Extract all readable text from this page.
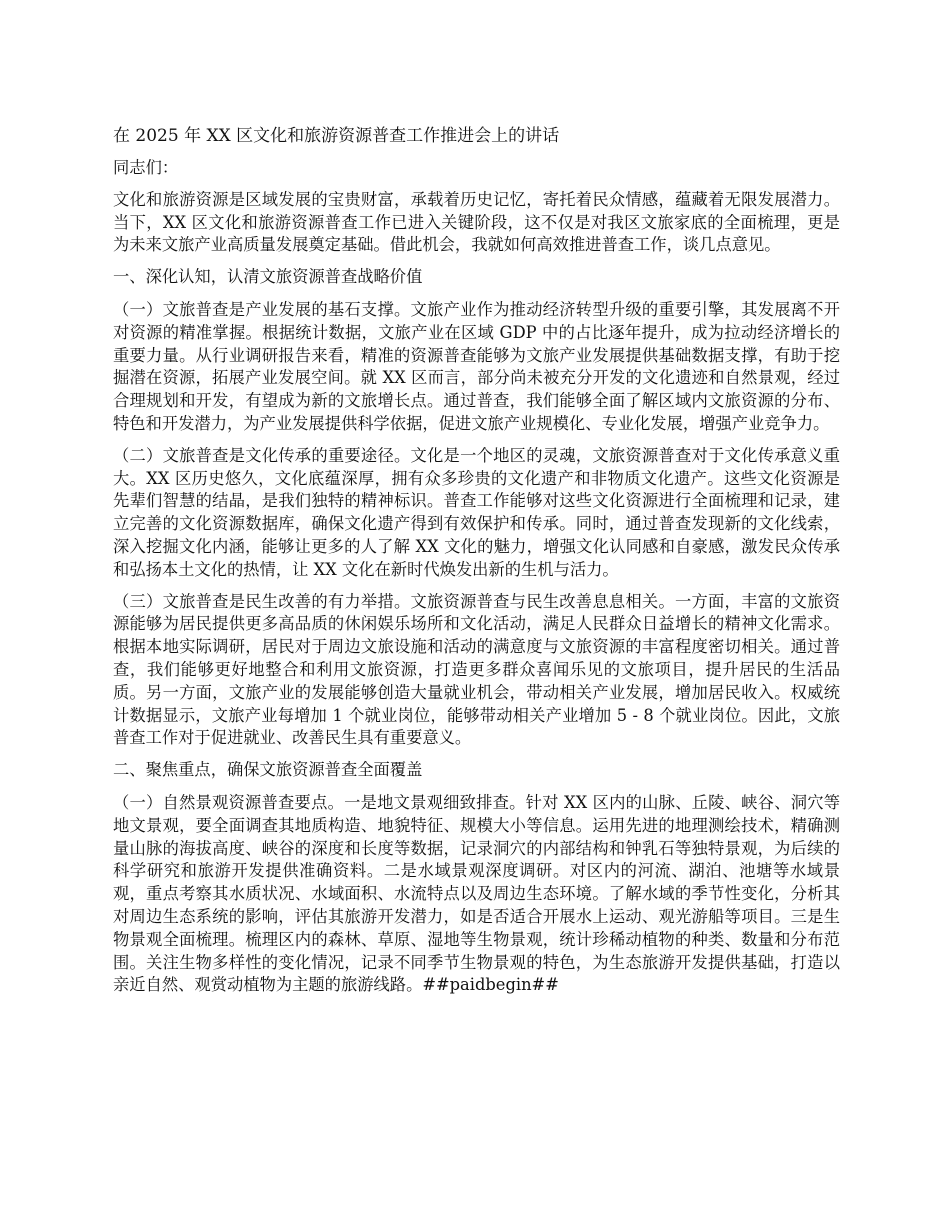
在 2025 年 XX 区文化和旅游资源普查工作推进会上的讲话
同志们：
文化和旅游资源是区域发展的宝贵财富，承载着历史记忆，寄托着民众情感，蕴藏着无限发展潜力。当下，XX 区文化和旅游资源普查工作已进入关键阶段，这不仅是对我区文旅家底的全面梳理，更是为未来文旅产业高质量发展奠定基础。借此机会，我就如何高效推进普查工作，谈几点意见。
一、深化认知，认清文旅资源普查战略价值
（一）文旅普查是产业发展的基石支撑。文旅产业作为推动经济转型升级的重要引擎，其发展离不开对资源的精准掌握。根据统计数据，文旅产业在区域 GDP 中的占比逐年提升，成为拉动经济增长的重要力量。从行业调研报告来看，精准的资源普查能够为文旅产业发展提供基础数据支撑，有助于挖掘潜在资源，拓展产业发展空间。就 XX 区而言，部分尚未被充分开发的文化遗迹和自然景观，经过合理规划和开发，有望成为新的文旅增长点。通过普查，我们能够全面了解区域内文旅资源的分布、特色和开发潜力，为产业发展提供科学依据，促进文旅产业规模化、专业化发展，增强产业竞争力。
（二）文旅普查是文化传承的重要途径。文化是一个地区的灵魂，文旅资源普查对于文化传承意义重大。XX 区历史悠久，文化底蕴深厚，拥有众多珍贵的文化遗产和非物质文化遗产。这些文化资源是先辈们智慧的结晶，是我们独特的精神标识。普查工作能够对这些文化资源进行全面梳理和记录，建立完善的文化资源数据库，确保文化遗产得到有效保护和传承。同时，通过普查发现新的文化线索，深入挖掘文化内涵，能够让更多的人了解 XX 文化的魅力，增强文化认同感和自豪感，激发民众传承和弘扬本土文化的热情，让 XX 文化在新时代焕发出新的生机与活力。
（三）文旅普查是民生改善的有力举措。文旅资源普查与民生改善息息相关。一方面，丰富的文旅资源能够为居民提供更多高品质的休闲娱乐场所和文化活动，满足人民群众日益增长的精神文化需求。根据本地实际调研，居民对于周边文旅设施和活动的满意度与文旅资源的丰富程度密切相关。通过普查，我们能够更好地整合和利用文旅资源，打造更多群众喜闻乐见的文旅项目，提升居民的生活品质。另一方面，文旅产业的发展能够创造大量就业机会，带动相关产业发展，增加居民收入。权威统计数据显示，文旅产业每增加 1 个就业岗位，能够带动相关产业增加 5 - 8 个就业岗位。因此，文旅普查工作对于促进就业、改善民生具有重要意义。
二、聚焦重点，确保文旅资源普查全面覆盖
（一）自然景观资源普查要点。一是地文景观细致排查。针对 XX 区内的山脉、丘陵、峡谷、洞穴等地文景观，要全面调查其地质构造、地貌特征、规模大小等信息。运用先进的地理测绘技术，精确测量山脉的海拔高度、峡谷的深度和长度等数据，记录洞穴的内部结构和钟乳石等独特景观，为后续的科学研究和旅游开发提供准确资料。二是水域景观深度调研。对区内的河流、湖泊、池塘等水域景观，重点考察其水质状况、水域面积、水流特点以及周边生态环境。了解水域的季节性变化，分析其对周边生态系统的影响，评估其旅游开发潜力，如是否适合开展水上运动、观光游船等项目。三是生物景观全面梳理。梳理区内的森林、草原、湿地等生物景观，统计珍稀动植物的种类、数量和分布范围。关注生物多样性的变化情况，记录不同季节生物景观的特色，为生态旅游开发提供基础，打造以亲近自然、观赏动植物为主题的旅游线路。##paidbegin##
